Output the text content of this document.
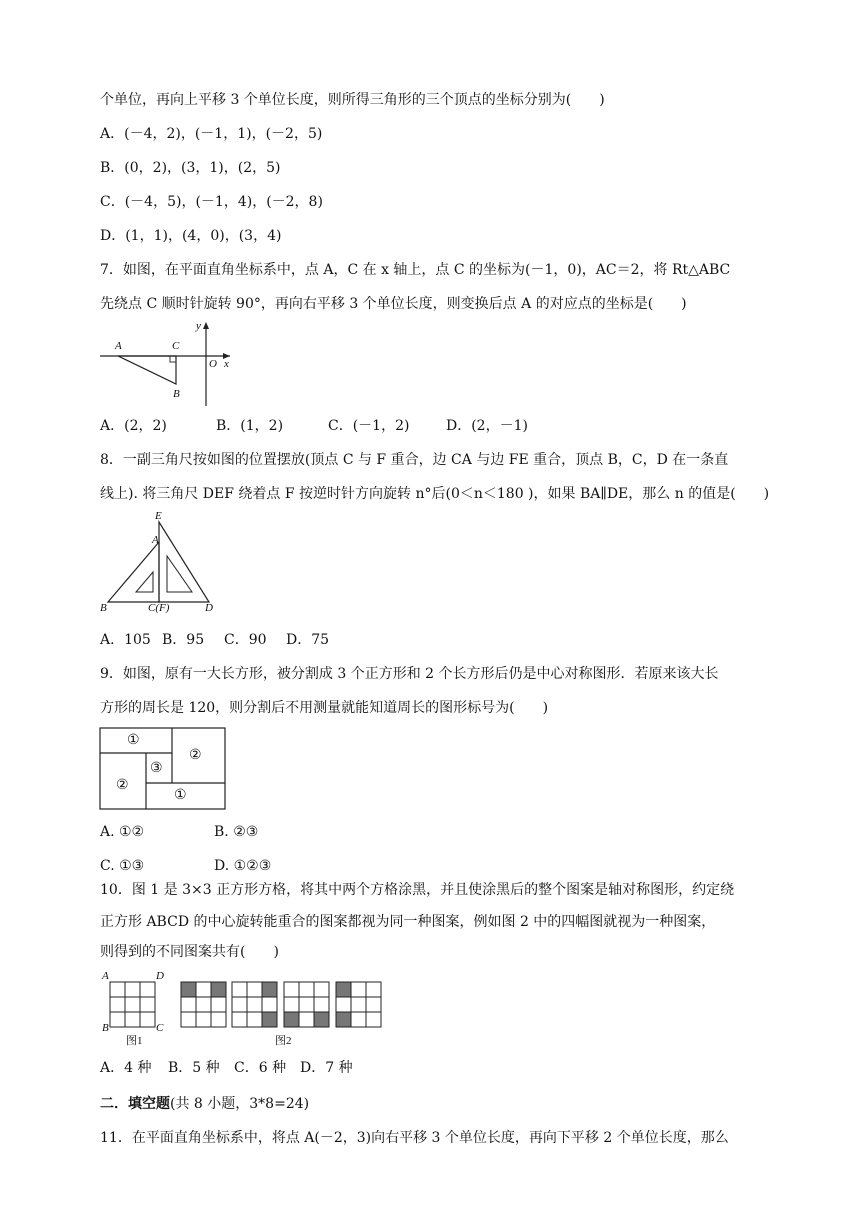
个单位，再向上平移 3 个单位长度，则所得三角形的三个顶点的坐标分别为(　　)
A．(－4，2)，(－1，1)，(－2，5)
B．(0，2)，(3，1)，(2，5)
C．(－4，5)，(－1，4)，(－2，8)
D．(1，1)，(4，0)，(3，4)
7．如图，在平面直角坐标系中，点 A，C 在 x 轴上，点 C 的坐标为(－1，0)，AC＝2，将 Rt△ABC
先绕点 C 顺时针旋转 90°，再向右平移 3 个单位长度，则变换后点 A 的对应点的坐标是(　　)
A	C
B
O x
y
A．(2，2)	B．(1，2)	C．(－1，2)	D．(2，－1)
8．一副三角尺按如图的位置摆放(顶点 C 与 F 重合，边 CA 与边 FE 重合，顶点 B，C，D 在一条直
线上). 将三角尺 DEF 绕着点 F 按逆时针方向旋转 n°后(0＜n＜180 )，如果 BA∥DE，那么 n 的值是(　　)
E
A
B	C(F)	D
A．105 B．95 C．90 D．75
9．如图，原有一大长方形，被分割成 3 个正方形和 2 个长方形后仍是中心对称图形．若原来该大长
方形的周长是 120，则分割后不用测量就能知道周长的图形标号为(　　)
①
②
③
②
①
A. ①②	B. ②③
C. ①③	D. ①②③
10．图 1 是 3×3 正方形方格，将其中两个方格涂黑，并且使涂黑后的整个图案是轴对称图形，约定绕
正方形 ABCD 的中心旋转能重合的图案都视为同一种图案，例如图 2 中的四幅图就视为一种图案，
则得到的不同图案共有(　　)
A	D
B	C
图1	图2
A．4 种 B．5 种 C．6 种 D．7 种
二．填空题(共 8 小题，3*8=24)
11．在平面直角坐标系中，将点 A(－2，3)向右平移 3 个单位长度，再向下平移 2 个单位长度，那么
